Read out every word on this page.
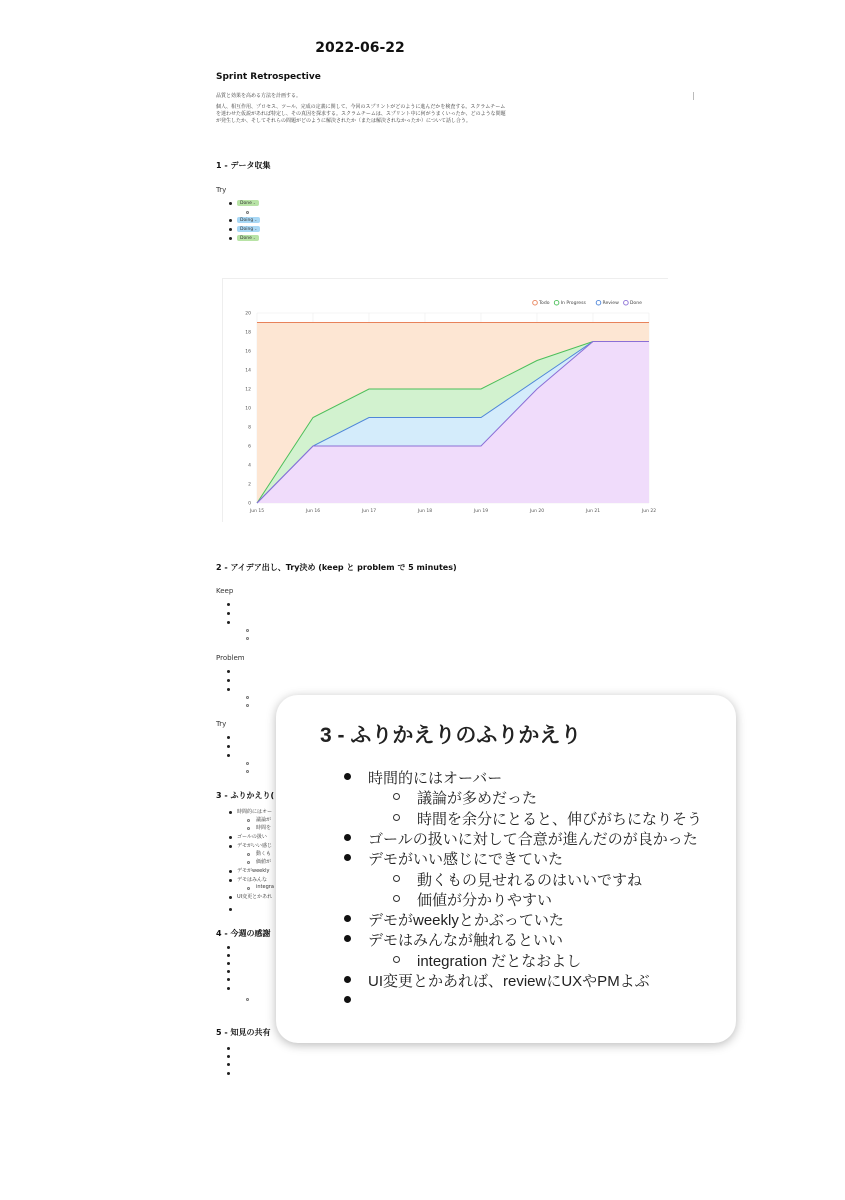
2022-06-22
Sprint Retrospective
品質と効果を高める方法を計画する。
個人、相互作用、プロセス、ツール、完成の定義に関して、今回のスプリントがどのように進んだかを検査する。スクラムチームを迷わせた仮説があれば特定し、その真因を探求する。スクラムチームは、スプリント中に何がうまくいったか、どのような問題が発生したか、そしてそれらの問題がどのように解決されたか（または解決されなかったか）について話し合う。
1 - データ収集
Try
Done⌄
Doing⌄
Doing⌄
Done⌄
0
2
4
6
8
10
12
14
16
18
20
Jun 15	Jun 16	Jun 17	Jun 18	Jun 19	Jun 20	Jun 21	Jun 22
Done
Review
In Progress
Todo
2 - アイデア出し、Try決め (keep と problem で 5 minutes)
Keep
Problem
Try
3 - ふりかえり(
時間的にはオー
議論が
時間を
ゴールの扱い
デモがいい感じ
動くも
価値が
デモがweekly
デモはみんな
integra
UI変更とかあれ
4 - 今週の感謝
5 - 知見の共有
3 - ふりかえりのふりかえり
時間的にはオーバー
議論が多めだった
時間を余分にとると、伸びがちになりそう
ゴールの扱いに対して合意が進んだのが良かった
デモがいい感じにできていた
動くもの見せれるのはいいですね
価値が分かりやすい
デモがweeklyとかぶっていた
デモはみんなが触れるといい
integration だとなおよし
UI変更とかあれば、reviewにUXやPMよぶ
